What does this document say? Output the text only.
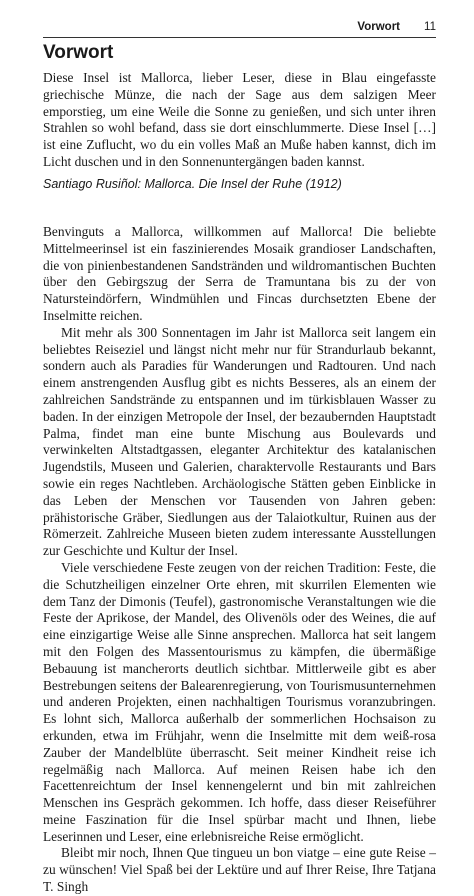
Vorwort 11
Vorwort

Diese Insel ist Mallorca, lieber Leser, diese in Blau eingefasste griechische Münze, die nach der Sage aus dem salzigen Meer emporstieg, um eine Weile die Sonne zu genießen, und sich unter ihren Strahlen so wohl befand, dass sie dort einschlummerte. Diese Insel […] ist eine Zuflucht, wo du ein volles Maß an Muße haben kannst, dich im Licht duschen und in den Sonnenuntergängen baden kannst.

Santiago Rusiñol: Mallorca. Die Insel der Ruhe (1912)

Benvinguts a Mallorca, willkommen auf Mallorca! Die beliebte Mittelmeerinsel ist ein faszinierendes Mosaik grandioser Landschaften, die von pinienbestandenen Sandstränden und wildromantischen Buchten über den Gebirgszug der Serra de Tramuntana bis zu der von Natursteindörfern, Windmühlen und Fincas durchsetzten Ebene der Inselmitte reichen.

Mit mehr als 300 Sonnentagen im Jahr ist Mallorca seit langem ein beliebtes Reiseziel und längst nicht mehr nur für Strandurlaub bekannt, sondern auch als Paradies für Wanderungen und Radtouren. Und nach einem anstrengenden Ausflug gibt es nichts Besseres, als an einem der zahlreichen Sandstrände zu entspannen und im türkisblauen Wasser zu baden. In der einzigen Metropole der Insel, der bezaubernden Hauptstadt Palma, findet man eine bunte Mischung aus Boulevards und verwinkelten Altstadtgassen, eleganter Architektur des katalanischen Jugendstils, Museen und Galerien, charaktervolle Restaurants und Bars sowie ein reges Nachtleben. Archäologische Stätten geben Einblicke in das Leben der Menschen vor Tausenden von Jahren geben: prähistorische Gräber, Siedlungen aus der Talaiotkultur, Ruinen aus der Römerzeit. Zahlreiche Museen bieten zudem interessante Ausstellungen zur Geschichte und Kultur der Insel.

Viele verschiedene Feste zeugen von der reichen Tradition: Feste, die die Schutzheiligen einzelner Orte ehren, mit skurrilen Elementen wie dem Tanz der Dimonis (Teufel), gastronomische Veranstaltungen wie die Feste der Aprikose, der Mandel, des Olivenöls oder des Weines, die auf eine einzigartige Weise alle Sinne ansprechen. Mallorca hat seit langem mit den Folgen des Massentourismus zu kämpfen, die übermäßige Bebauung ist mancherorts deutlich sichtbar. Mittlerweile gibt es aber Bestrebungen seitens der Balearenregierung, von Tourismusunternehmen und anderen Projekten, einen nachhaltigen Tourismus voranzubringen. Es lohnt sich, Mallorca außerhalb der sommerlichen Hochsaison zu erkunden, etwa im Frühjahr, wenn die Inselmitte mit dem weiß-rosa Zauber der Mandelblüte überrascht. Seit meiner Kindheit reise ich regelmäßig nach Mallorca. Auf meinen Reisen habe ich den Facettenreichtum der Insel kennengelernt und bin mit zahlreichen Menschen ins Gespräch gekommen. Ich hoffe, dass dieser Reiseführer meine Faszination für die Insel spürbar macht und Ihnen, liebe Leserinnen und Leser, eine erlebnisreiche Reise ermöglicht.

Bleibt mir noch, Ihnen Que tingueu un bon viatge – eine gute Reise – zu wünschen! Viel Spaß bei der Lektüre und auf Ihrer Reise, Ihre Tatjana T. Singh
